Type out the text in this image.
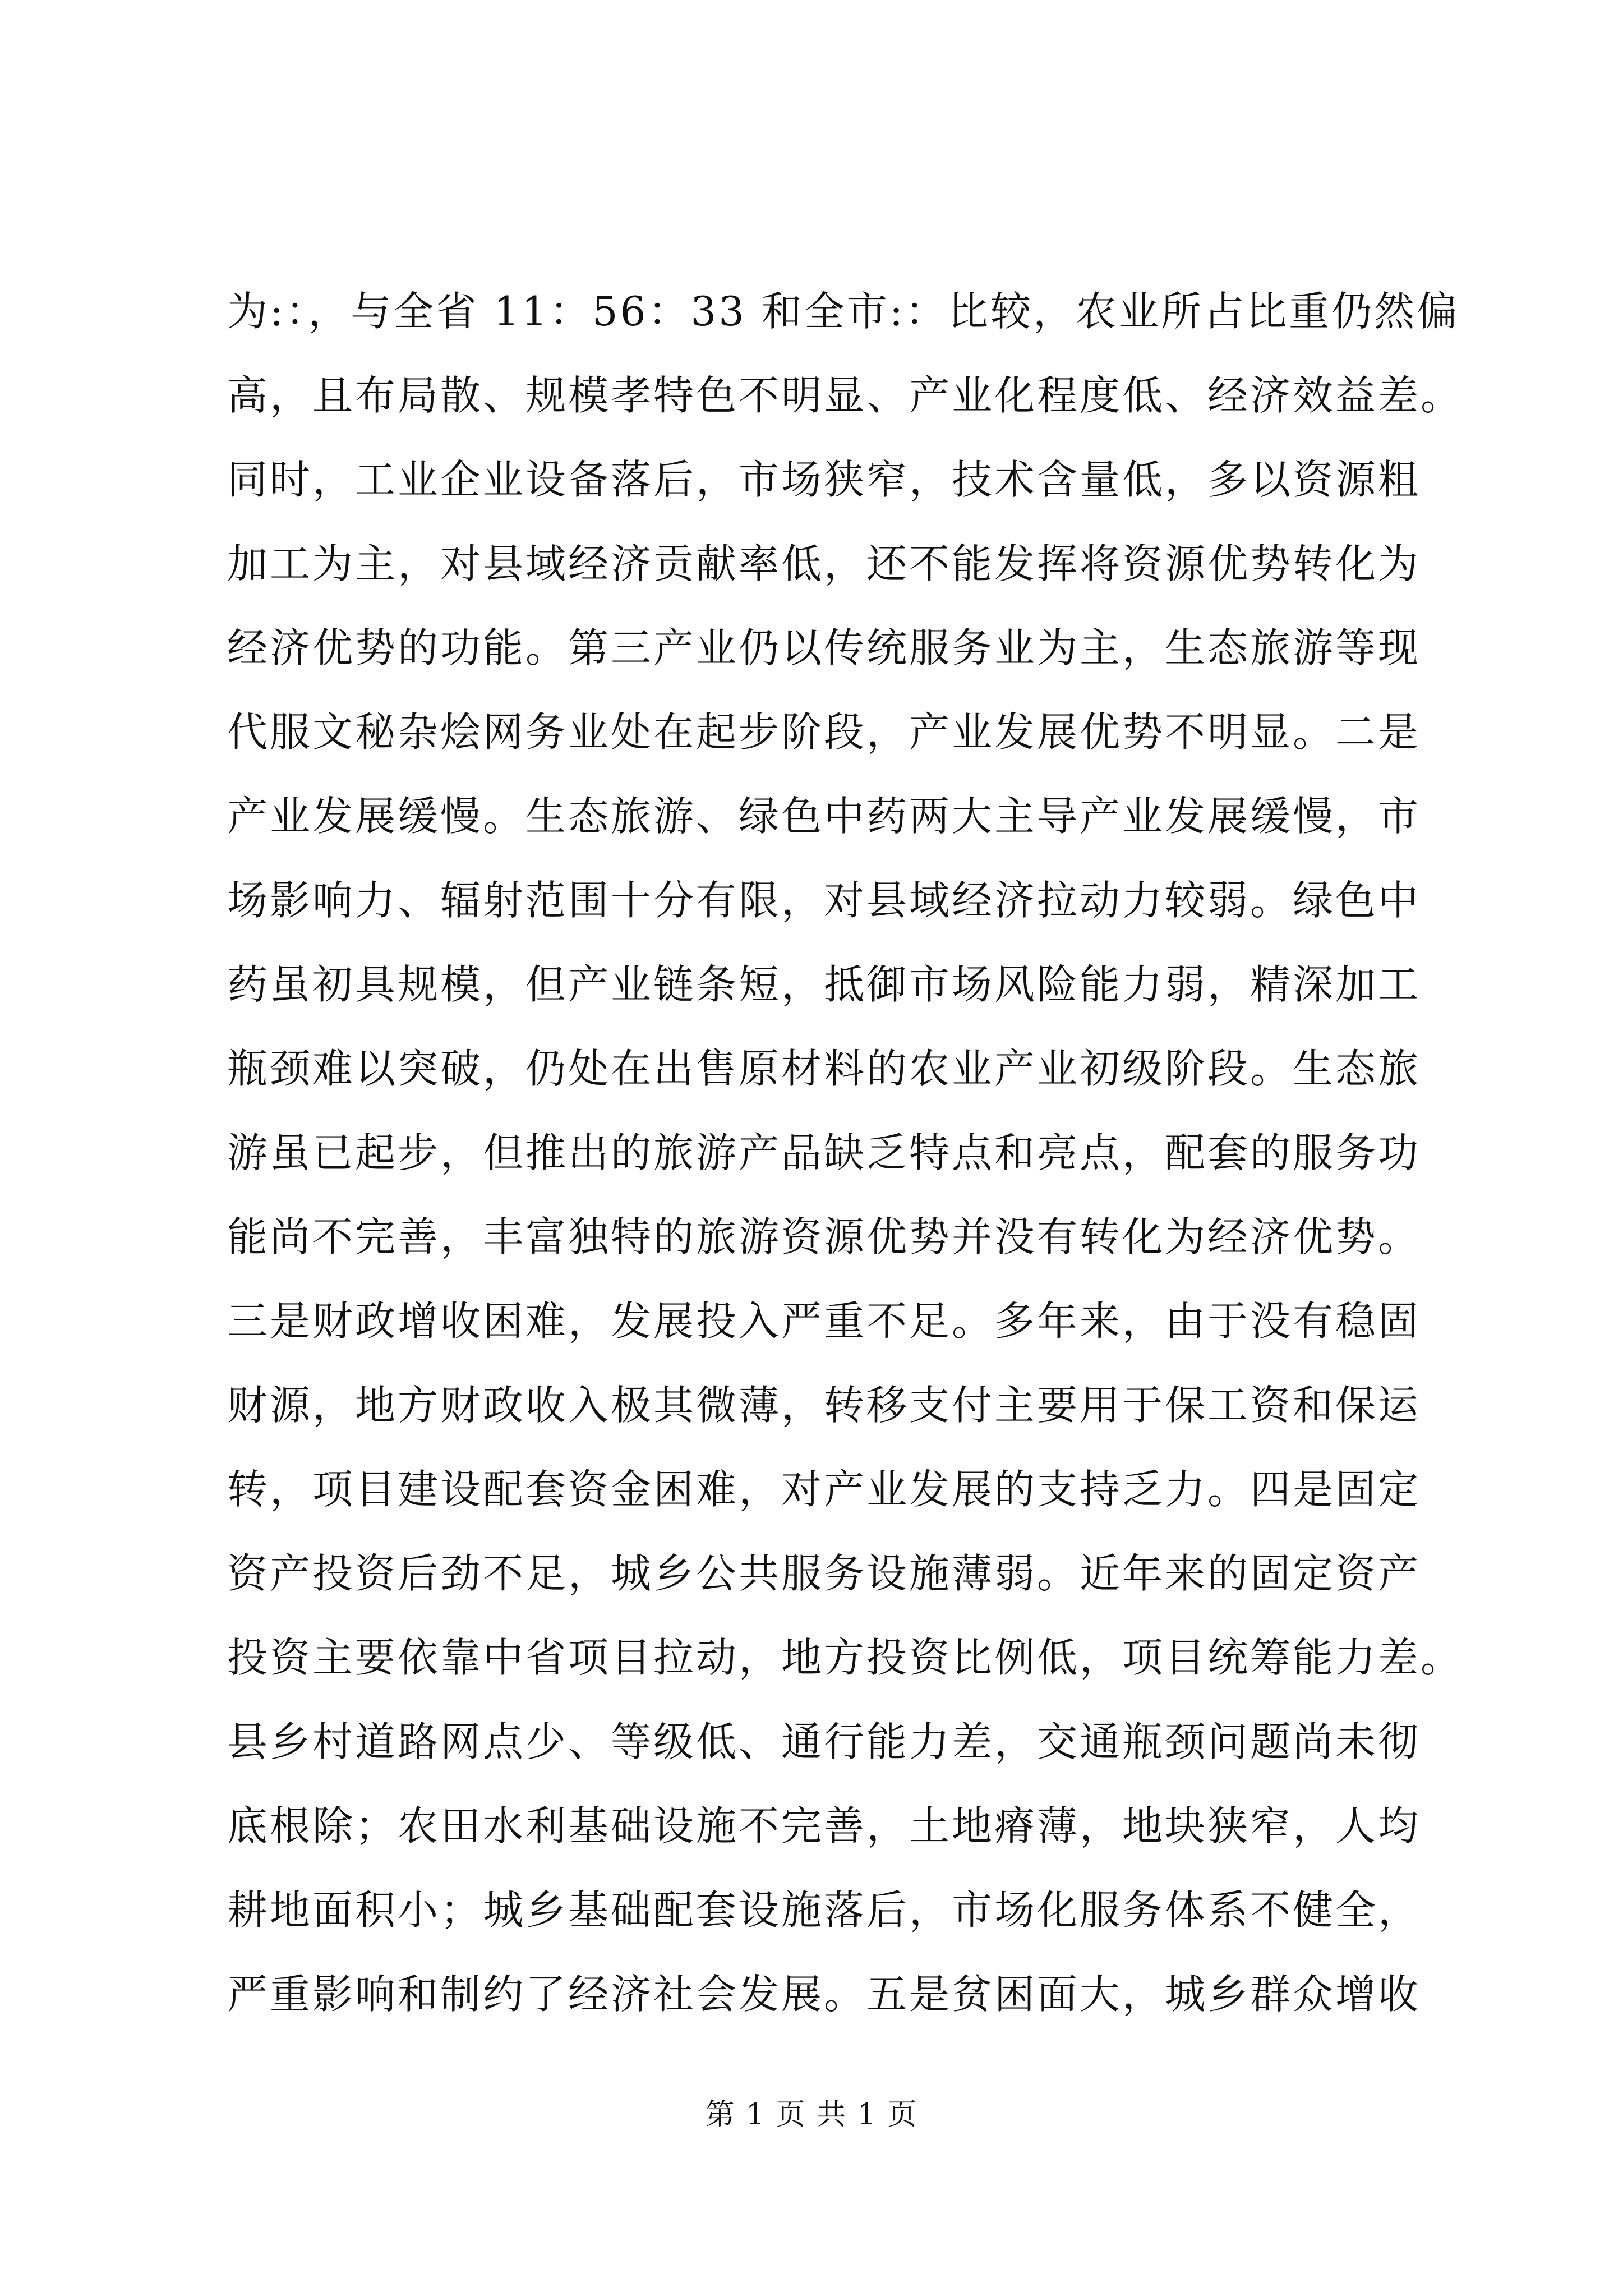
为:：，与全省 11：56：33 和全市:：比较，农业所占比重仍然偏
高，且布局散、规模孝特色不明显、产业化程度低、经济效益差。
同时，工业企业设备落后，市场狭窄，技术含量低，多以资源粗
加工为主，对县域经济贡献率低，还不能发挥将资源优势转化为
经济优势的功能。第三产业仍以传统服务业为主，生态旅游等现
代服文秘杂烩网务业处在起步阶段，产业发展优势不明显。二是
产业发展缓慢。生态旅游、绿色中药两大主导产业发展缓慢，市
场影响力、辐射范围十分有限，对县域经济拉动力较弱。绿色中
药虽初具规模，但产业链条短，抵御市场风险能力弱，精深加工
瓶颈难以突破，仍处在出售原材料的农业产业初级阶段。生态旅
游虽已起步，但推出的旅游产品缺乏特点和亮点，配套的服务功
能尚不完善，丰富独特的旅游资源优势并没有转化为经济优势。
三是财政增收困难，发展投入严重不足。多年来，由于没有稳固
财源，地方财政收入极其微薄，转移支付主要用于保工资和保运
转，项目建设配套资金困难，对产业发展的支持乏力。四是固定
资产投资后劲不足，城乡公共服务设施薄弱。近年来的固定资产
投资主要依靠中省项目拉动，地方投资比例低，项目统筹能力差。
县乡村道路网点少、等级低、通行能力差，交通瓶颈问题尚未彻
底根除；农田水利基础设施不完善，土地瘠薄，地块狭窄，人均
耕地面积小；城乡基础配套设施落后，市场化服务体系不健全，
严重影响和制约了经济社会发展。五是贫困面大，城乡群众增收
第 1 页 共 1 页
